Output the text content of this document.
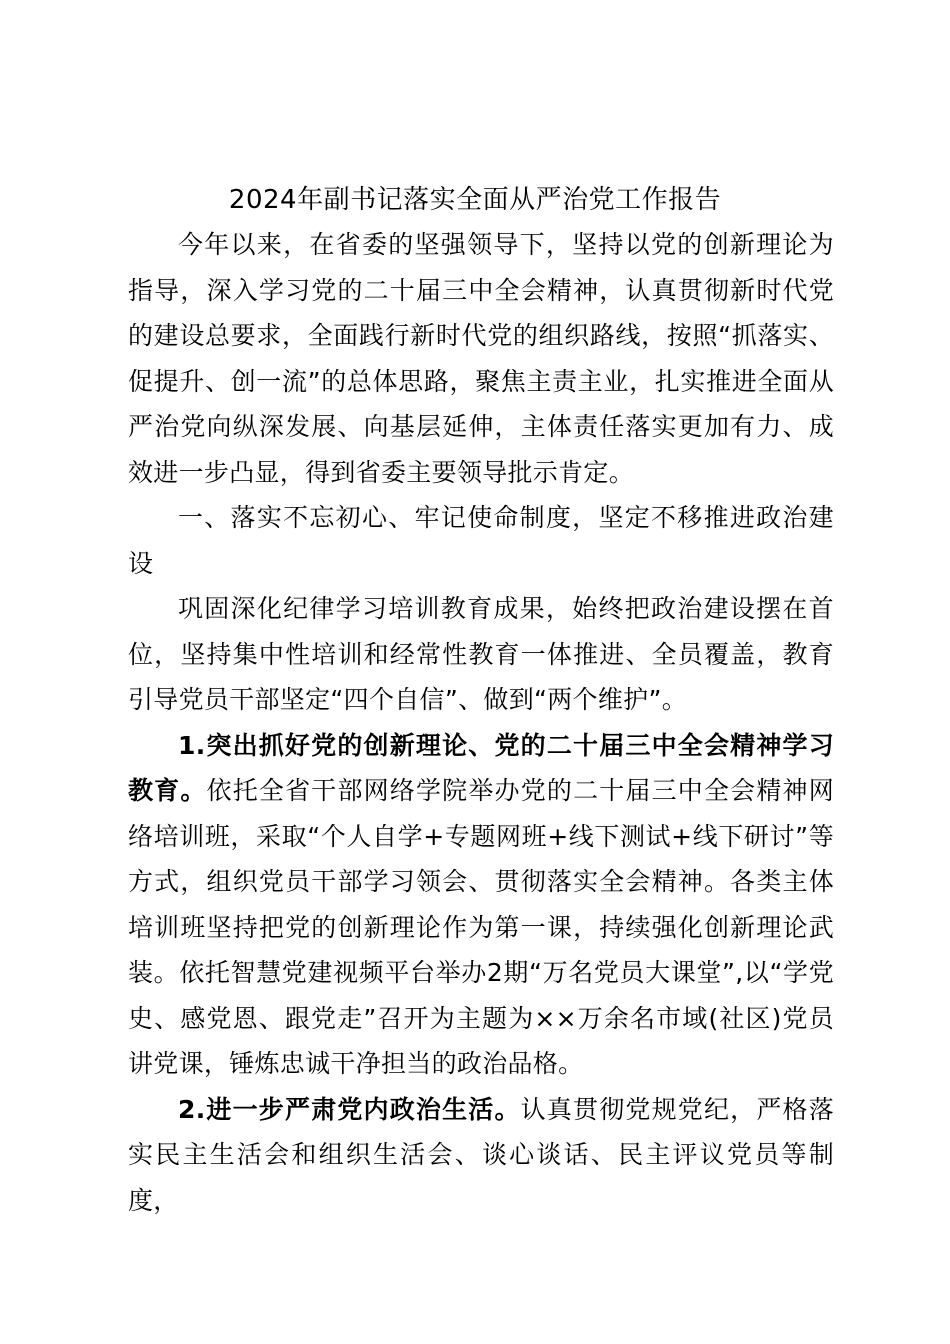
2024年副书记落实全面从严治党工作报告

今年以来，在省委的坚强领导下，坚持以党的创新理论为指导，深入学习党的二十届三中全会精神，认真贯彻新时代党的建设总要求，全面践行新时代党的组织路线，按照“抓落实、促提升、创一流”的总体思路，聚焦主责主业，扎实推进全面从严治党向纵深发展、向基层延伸，主体责任落实更加有力、成效进一步凸显，得到省委主要领导批示肯定。

一、落实不忘初心、牢记使命制度，坚定不移推进政治建设

巩固深化纪律学习培训教育成果，始终把政治建设摆在首位，坚持集中性培训和经常性教育一体推进、全员覆盖，教育引导党员干部坚定“四个自信”、做到“两个维护”。

1.突出抓好党的创新理论、党的二十届三中全会精神学习教育。依托全省干部网络学院举办党的二十届三中全会精神网络培训班，采取“个人自学+专题网班+线下测试+线下研讨”等方式，组织党员干部学习领会、贯彻落实全会精神。各类主体培训班坚持把党的创新理论作为第一课，持续强化创新理论武装。依托智慧党建视频平台举办2期“万名党员大课堂”,以“学党史、感党恩、跟党走”召开为主题为××万余名市域(社区)党员讲党课，锤炼忠诚干净担当的政治品格。

2.进一步严肃党内政治生活。认真贯彻党规党纪，严格落实民主生活会和组织生活会、谈心谈话、民主评议党员等制度，
